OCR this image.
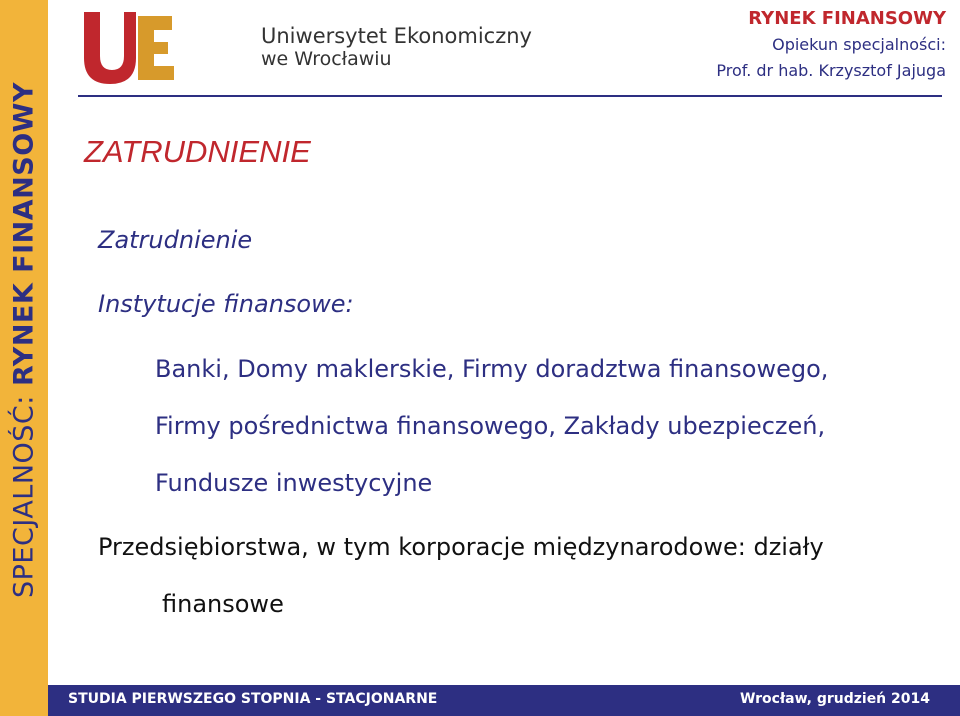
SPECJALNOŚĆ: RYNEK FINANSOWY
Uniwersytet Ekonomiczny
we Wrocławiu
RYNEK FINANSOWY
Opiekun specjalności:
Prof. dr hab. Krzysztof Jajuga
ZATRUDNIENIE
Zatrudnienie
Instytucje finansowe:
Banki, Domy maklerskie, Firmy doradztwa finansowego,
Firmy pośrednictwa finansowego, Zakłady ubezpieczeń,
Fundusze inwestycyjne
Przedsiębiorstwa, w tym korporacje międzynarodowe: działy
finansowe
STUDIA PIERWSZEGO STOPNIA - STACJONARNE	Wrocław, grudzień 2014
